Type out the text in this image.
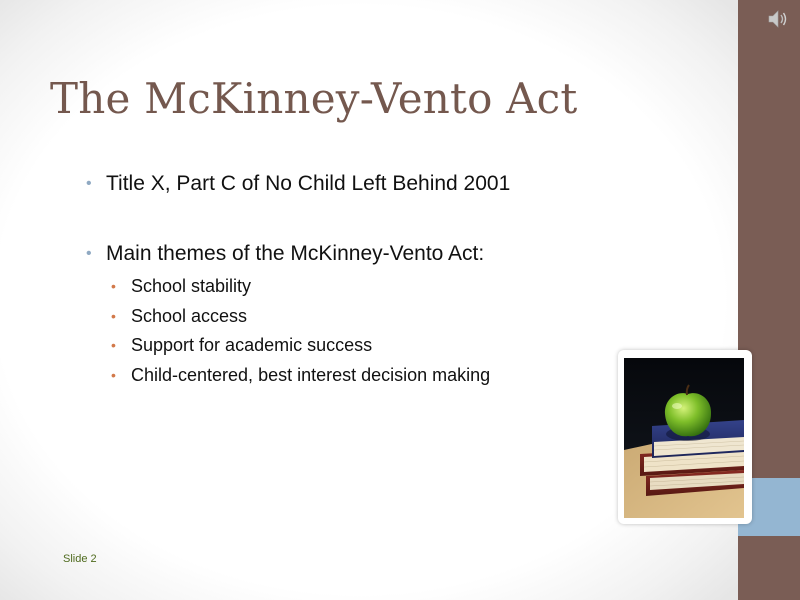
The McKinney-Vento Act
• Title X, Part C of No Child Left Behind 2001
• Main themes of the McKinney-Vento Act:
• School stability
• School access
• Support for academic success
• Child-centered, best interest decision making
Slide 2
